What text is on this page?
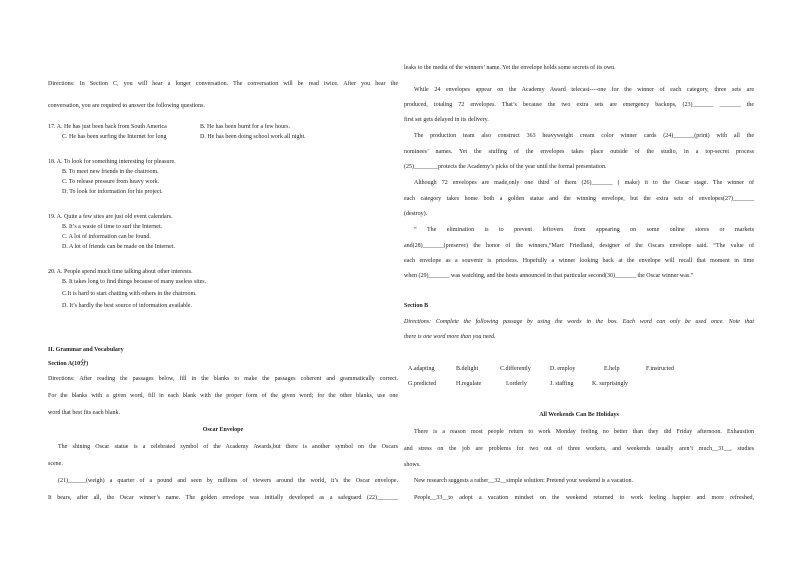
Directions: In Section C, you will hear a longer conversation. The conversation will be read twice. After you hear the
conversation, you are required to answer the following questions.
17. A. He has just been back from South America	B. He has been burnt for a few hours.
C. He has been surfing the Internet for long	D. He has been doing school work all night.
18. A. To look for something interesting for pleasure.
B. To meet new friends in the chatroom.
C. To release pressure from heavy work.
D. To look for information for his project.
19. A. Quite a few sites are just old event calendars.
B. It’s a waste of time to surf the Internet.
C. A lot of information can be found.
D. A lot of friends can be made on the Internet.
20. A. People spend much time talking about other interests.
B. It takes long to find things because of many useless sites.
C.It is hard to start chatting with others in the chatroom.
D. It’s hardly the best source of information available.
II. Grammar and Vocabulary
Section A(10分)
Directions: After reading the passages below, fill in the blanks to make the passages coherent and grammatically correct.
For the blanks with a given word, fill in each blank with the proper form of the given word; for the other blanks, use one
word that best fits each blank.
Oscar Envelope
The shining Oscar statue is a celebrated symbol of the Academy Awards,but there is another symbol on the Oscars
scene.
(21)______(weigh) a quarter of a pound and seen by millions of viewers around the world, it’s the Oscar envelope.
It bears, after all, the Oscar winner’s name. The golden envelope was initially developed as a safeguard (22)_______
leaks to the media of the winners’ name. Yet the envelope holds some secrets of its own.
While 24 envelopes appear on the Academy Award telecast----one for the winner of each category, three sets are
produced, totaling 72 envelopes. That’s because the two extra sets are emergency backups, (23)_______ _______ the
first set gets delayed in its delivery.
The production team also construct 363 heavyweight cream color winner cards (24)_______(print) with all the
nominees’ names. Yet the stuffing of the envelopes takes place outside of the studio, in a top-secret process
(25)________protects the Academy’s picks of the year until the formal presentation.
Although 72 envelopes are made,only one third of them (26)_______ ( make) it to the Oscar stage. The winner of
each category takes home both a golden statue and the winning envelope, but the extra sets of envelopes(27)_______
(destroy).
” The elimination is to prevent leftovers from appearing on some online stores or markets
and(28)_______(preserve) the honor of the winners,”Marc Friedland, designer of the Oscars envelope said. “The value of
each envelope as a souvenir is priceless. Hopefully a winner looking back at the envelope will recall that moment in time
when (29)_______ was watching, and the hosts announced in that particular second(30)_______ the Oscar winner was.”
Section B
Directions: Complete the following passage by using the words in the box. Each word can only be used once. Note that
there is one word more than you need.
A.adapting	B.delight	C.differently	D. employ	E.help	F.instructed
G.predicted	H.regulate	I.orderly	J. staffing	K. surprisingly
All Weekends Can Be Holidays
There is a reason most people return to work Monday feeling no better than they did Friday afternoon. Exhaustion
and stress on the job are problems for two out of three workers, and weekends usually aren’t much__31__, studies
shows.
New research suggests a rather__32__simple solution: Pretend your weekend is a vacation.
People__33__to adopt a vacation mindset on the weekend returned to work feeling happier and more refreshed,
